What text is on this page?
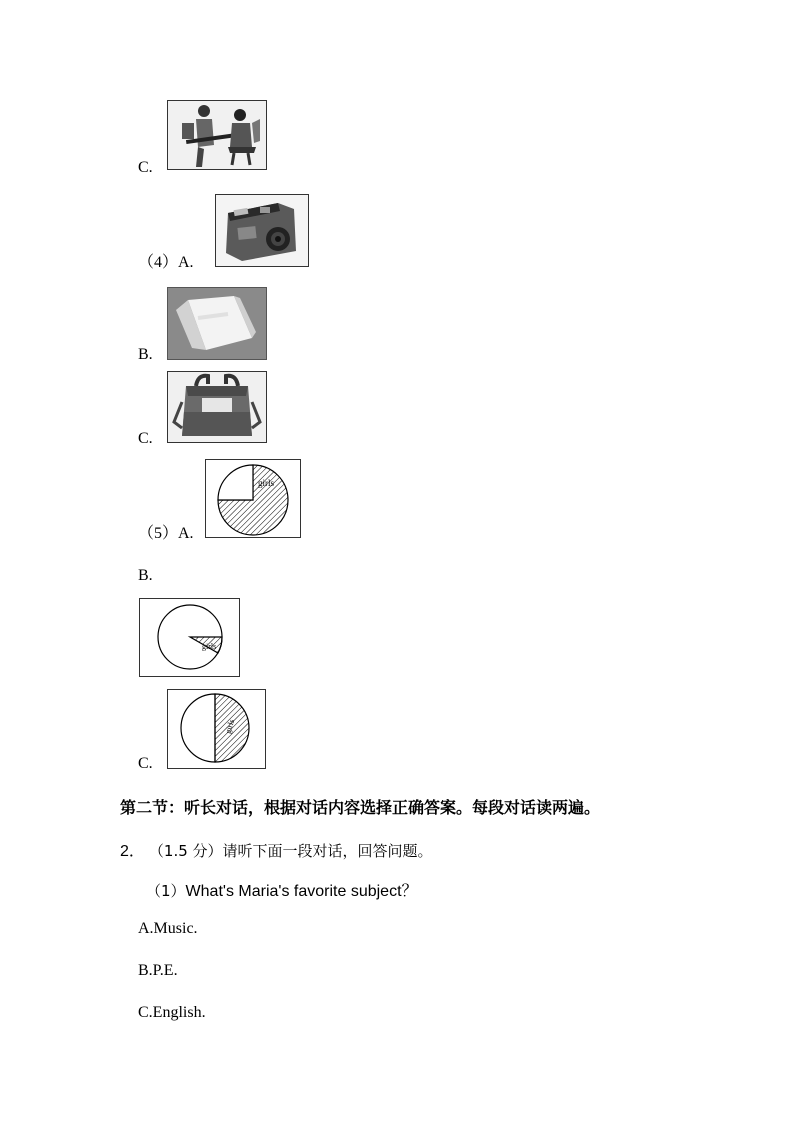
C.
（4）A.
B.
C.
（5）A.
girls
B.
girls
C.
girls
第二节：听长对话，根据对话内容选择正确答案。每段对话读两遍。
2． （1.5 分）请听下面一段对话，回答问题。
（1）What's Maria's favorite subject？
A.Music.
B.P.E.
C.English.
